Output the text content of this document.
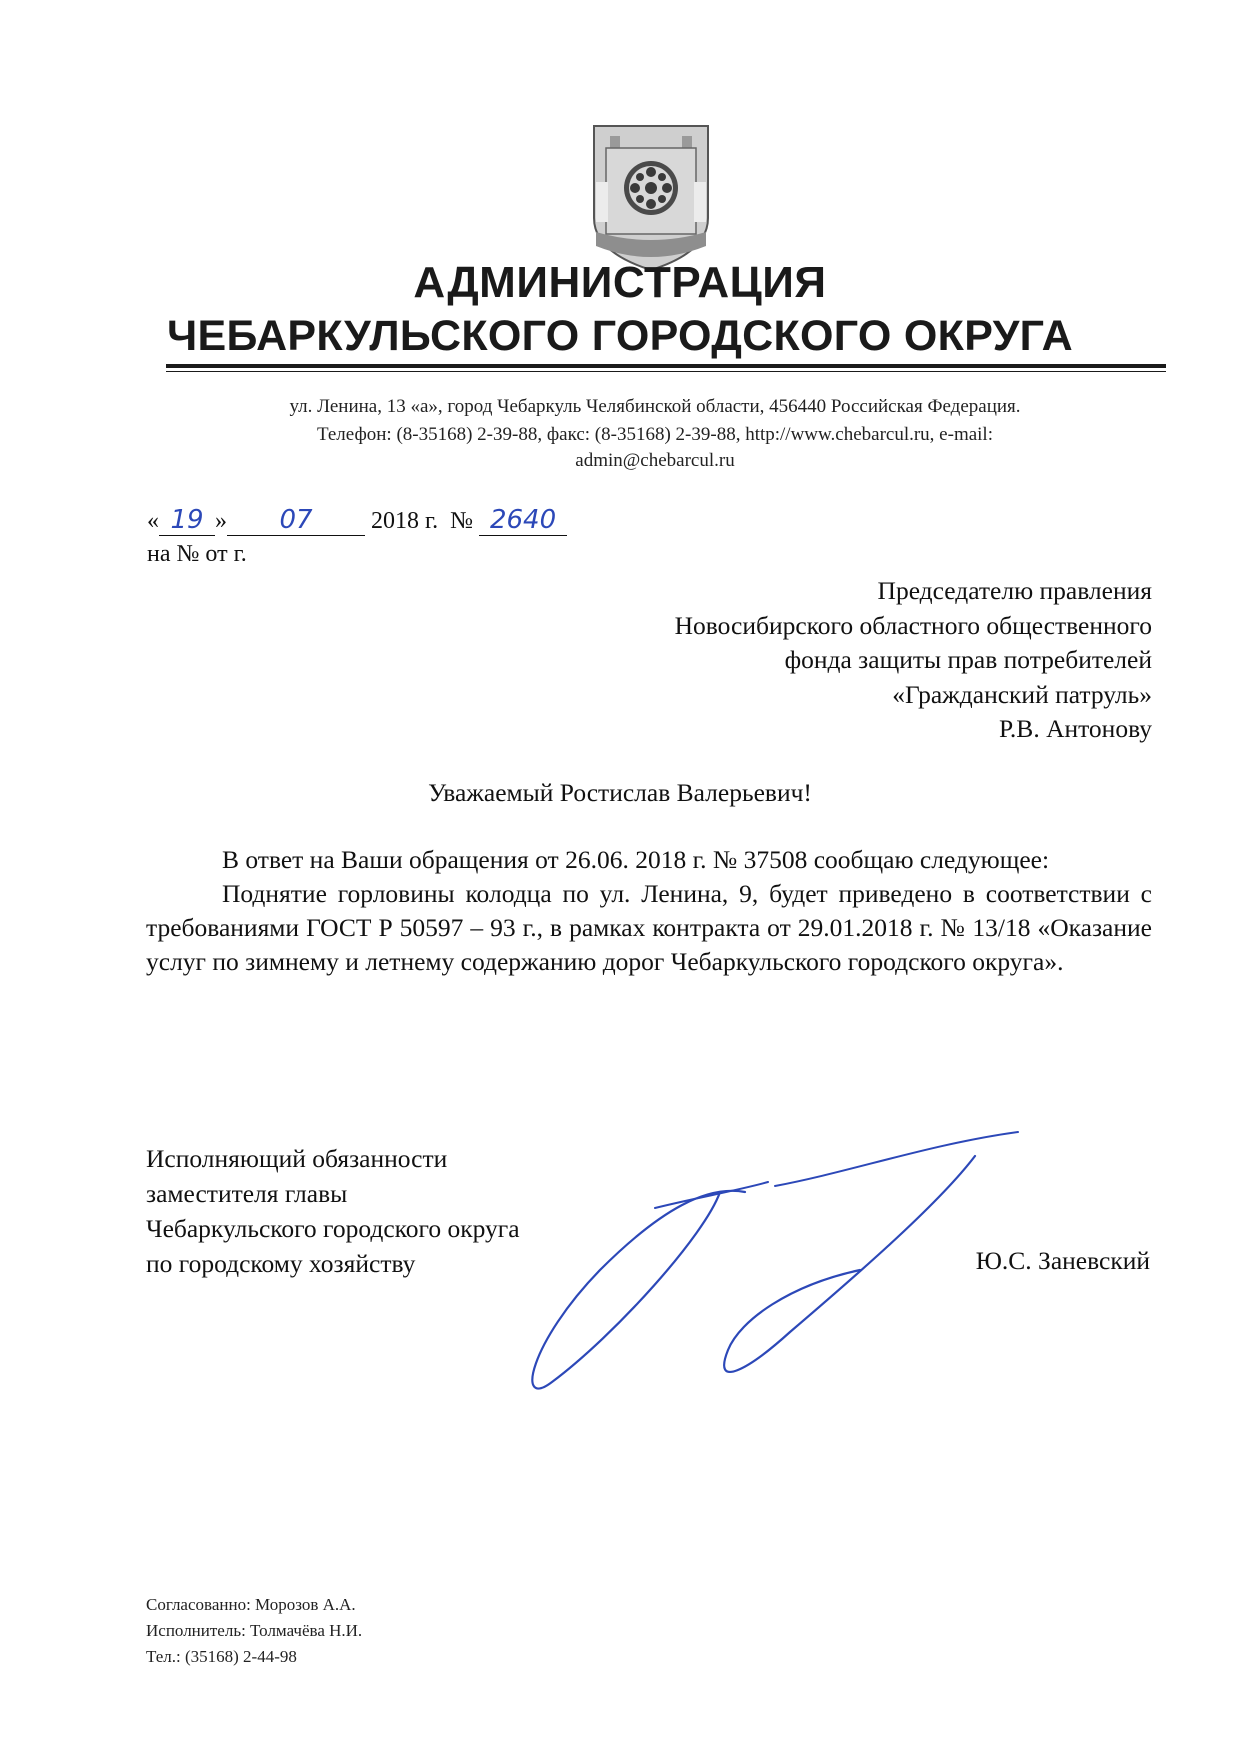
АДМИНИСТРАЦИЯ
ЧЕБАРКУЛЬСКОГО ГОРОДСКОГО ОКРУГА
ул. Ленина, 13 «а», город Чебаркуль Челябинской области, 456440 Российская Федерация.
Телефон: (8-35168) 2-39-88, факс: (8-35168) 2-39-88, http://www.chebarcul.ru, e-mail:
admin@chebarcul.ru
« 19 » 07 2018 г. № 2640
на № от г.
Председателю правления
Новосибирского областного общественного
фонда защиты прав потребителей
«Гражданский патруль»
Р.В. Антонову
Уважаемый Ростислав Валерьевич!

В ответ на Ваши обращения от 26.06. 2018 г. № 37508 сообщаю следующее:

Поднятие горловины колодца по ул. Ленина, 9, будет приведено в соответствии с требованиями ГОСТ Р 50597 – 93 г., в рамках контракта от 29.01.2018 г. № 13/18 «Оказание услуг по зимнему и летнему содержанию дорог Чебаркульского городского округа».

Исполняющий обязанности
заместителя главы
Чебаркульского городского округа
по городскому хозяйству	Ю.С. Заневский
Согласованно: Морозов А.А.
Исполнитель: Толмачёва Н.И.
Тел.: (35168) 2-44-98
